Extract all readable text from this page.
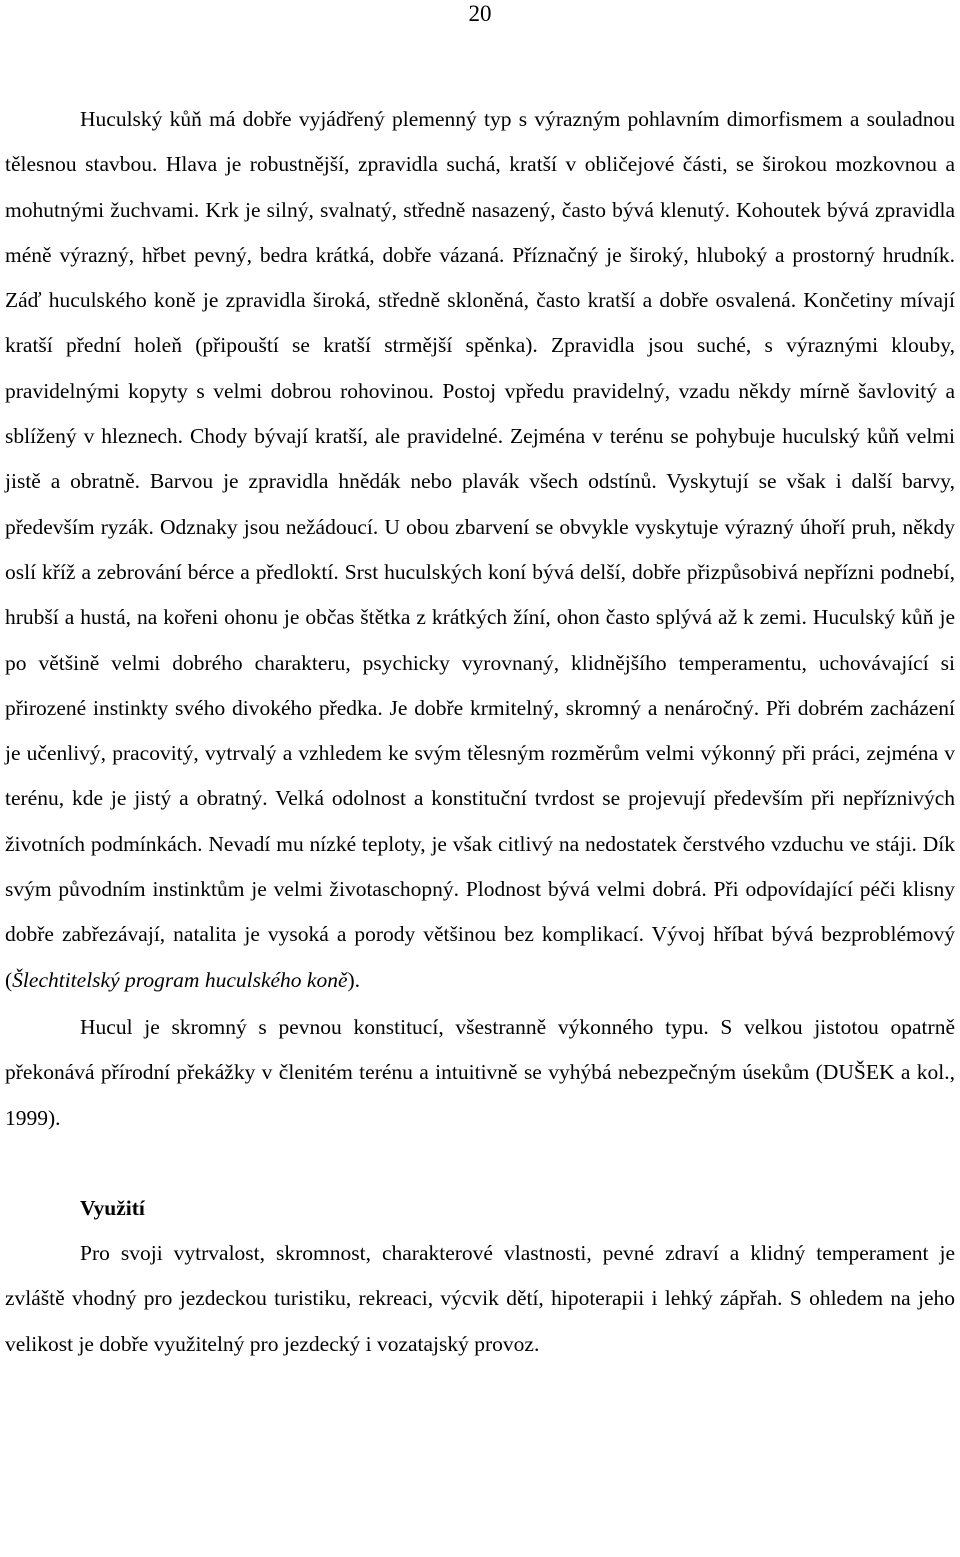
20

Huculský kůň má dobře vyjádřený plemenný typ s výrazným pohlavním dimorfismem a souladnou tělesnou stavbou. Hlava je robustnější, zpravidla suchá, kratší v obličejové části, se širokou mozkovnou a mohutnými žuchvami. Krk je silný, svalnatý, středně nasazený, často bývá klenutý. Kohoutek bývá zpravidla méně výrazný, hřbet pevný, bedra krátká, dobře vázaná. Příznačný je široký, hluboký a prostorný hrudník. Záď huculského koně je zpravidla široká, středně skloněná, často kratší a dobře osvalená. Končetiny mívají kratší přední holeň (připouští se kratší strmější spěnka). Zpravidla jsou suché, s výraznými klouby, pravidelnými kopyty s velmi dobrou rohovinou. Postoj vpředu pravidelný, vzadu někdy mírně šavlovitý a sblížený v hleznech. Chody bývají kratší, ale pravidelné. Zejména v terénu se pohybuje huculský kůň velmi jistě a obratně. Barvou je zpravidla hnědák nebo plavák všech odstínů. Vyskytují se však i další barvy, především ryzák. Odznaky jsou nežádoucí. U obou zbarvení se obvykle vyskytuje výrazný úhoří pruh, někdy oslí kříž a zebrování bérce a předloktí. Srst huculských koní bývá delší, dobře přizpůsobivá nepřízni podnebí, hrubší a hustá, na kořeni ohonu je občas štětka z krátkých žíní, ohon často splývá až k zemi. Huculský kůň je po většině velmi dobrého charakteru, psychicky vyrovnaný, klidnějšího temperamentu, uchovávající si přirozené instinkty svého divokého předka. Je dobře krmitelný, skromný a nenáročný. Při dobrém zacházení je učenlivý, pracovitý, vytrvalý a vzhledem ke svým tělesným rozměrům velmi výkonný při práci, zejména v terénu, kde je jistý a obratný. Velká odolnost a konstituční tvrdost se projevují především při nepříznivých životních podmínkách. Nevadí mu nízké teploty, je však citlivý na nedostatek čerstvého vzduchu ve stáji. Dík svým původním instinktům je velmi životaschopný. Plodnost bývá velmi dobrá. Při odpovídající péči klisny dobře zabřezávají, natalita je vysoká a porody většinou bez komplikací. Vývoj hříbat bývá bezproblémový (Šlechtitelský program huculského koně).

Hucul je skromný s pevnou konstitucí, všestranně výkonného typu. S velkou jistotou opatrně překonává přírodní překážky v členitém terénu a intuitivně se vyhýbá nebezpečným úsekům (DUŠEK a kol., 1999).

Využití

Pro svoji vytrvalost, skromnost, charakterové vlastnosti, pevné zdraví a klidný temperament je zvláště vhodný pro jezdeckou turistiku, rekreaci, výcvik dětí, hipoterapii i lehký zápřah. S ohledem na jeho velikost je dobře využitelný pro jezdecký i vozatajský provoz.
